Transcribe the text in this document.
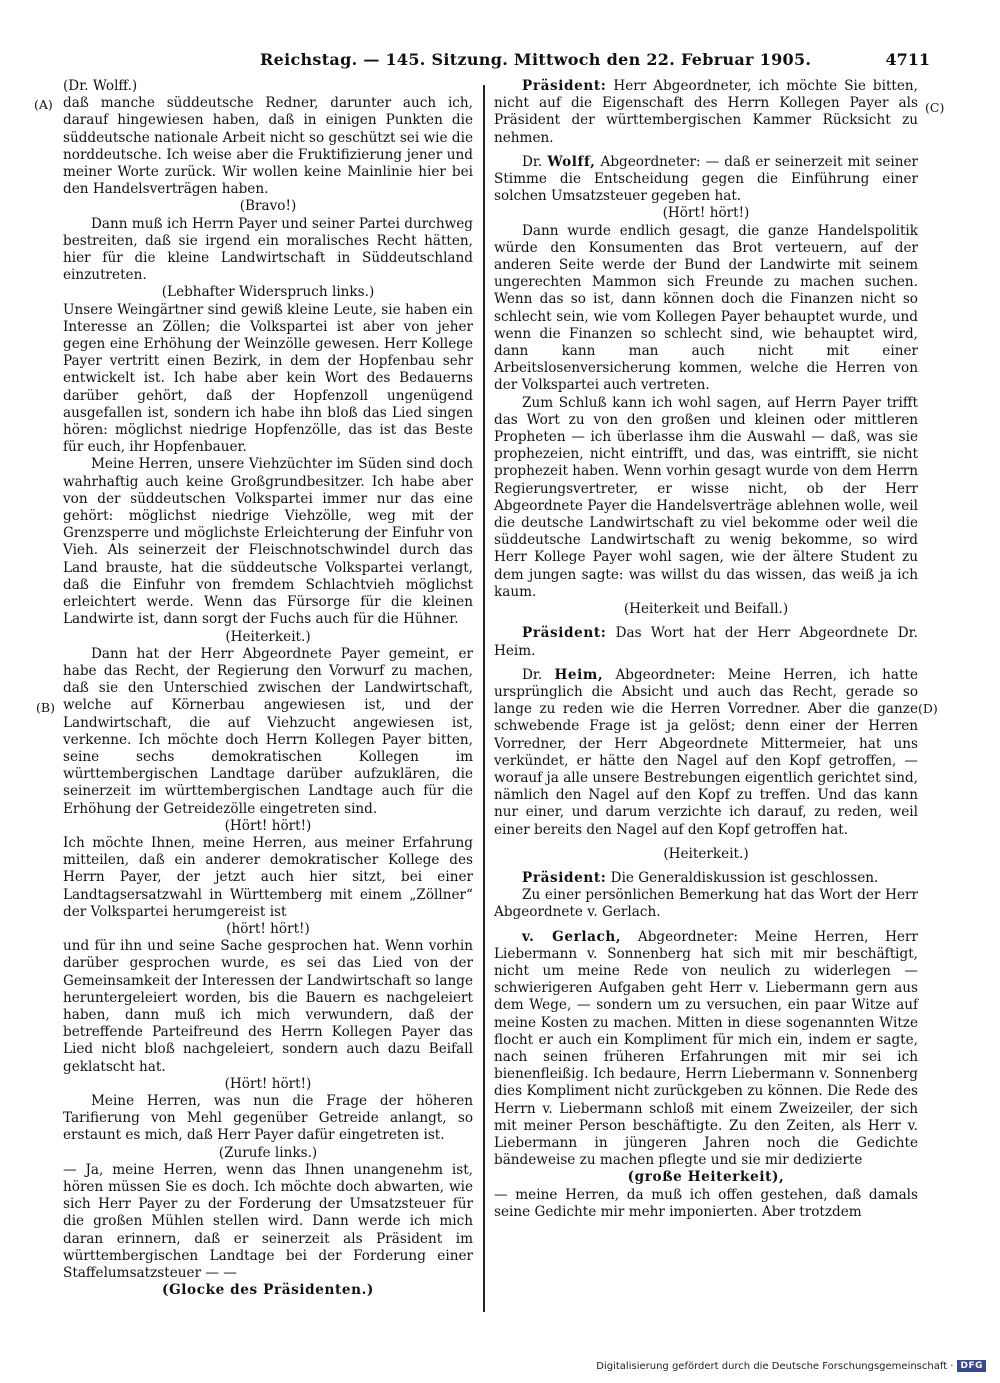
Reichstag. — 145. Sitzung. Mittwoch den 22. Februar 1905.	4711
(A)
(B)
(C)
(D)

(Dr. Wolff.)

daß manche süddeutsche Redner, darunter auch ich, darauf hingewiesen haben, daß in einigen Punkten die süddeutsche nationale Arbeit nicht so geschützt sei wie die norddeutsche. Ich weise aber die Fruktifizierung jener und meiner Worte zurück. Wir wollen keine Mainlinie hier bei den Handelsverträgen haben.

(Bravo!)

Dann muß ich Herrn Payer und seiner Partei durchweg bestreiten, daß sie irgend ein moralisches Recht hätten, hier für die kleine Landwirtschaft in Süddeutschland einzutreten.

(Lebhafter Widerspruch links.)

Unsere Weingärtner sind gewiß kleine Leute, sie haben ein Interesse an Zöllen; die Volkspartei ist aber von jeher gegen eine Erhöhung der Weinzölle gewesen. Herr Kollege Payer vertritt einen Bezirk, in dem der Hopfenbau sehr entwickelt ist. Ich habe aber kein Wort des Bedauerns darüber gehört, daß der Hopfenzoll ungenügend ausgefallen ist, sondern ich habe ihn bloß das Lied singen hören: möglichst niedrige Hopfenzölle, das ist das Beste für euch, ihr Hopfenbauer.

Meine Herren, unsere Viehzüchter im Süden sind doch wahrhaftig auch keine Großgrundbesitzer. Ich habe aber von der süddeutschen Volkspartei immer nur das eine gehört: möglichst niedrige Viehzölle, weg mit der Grenzsperre und möglichste Erleichterung der Einfuhr von Vieh. Als seinerzeit der Fleischnotschwindel durch das Land brauste, hat die süddeutsche Volkspartei verlangt, daß die Einfuhr von fremdem Schlachtvieh möglichst erleichtert werde. Wenn das Fürsorge für die kleinen Landwirte ist, dann sorgt der Fuchs auch für die Hühner.

(Heiterkeit.)

Dann hat der Herr Abgeordnete Payer gemeint, er habe das Recht, der Regierung den Vorwurf zu machen, daß sie den Unterschied zwischen der Landwirtschaft, welche auf Körnerbau angewiesen ist, und der Landwirtschaft, die auf Viehzucht angewiesen ist, verkenne. Ich möchte doch Herrn Kollegen Payer bitten, seine sechs demokratischen Kollegen im württembergischen Landtage darüber aufzuklären, die seinerzeit im württembergischen Landtage auch für die Erhöhung der Getreidezölle eingetreten sind.

(Hört! hört!)

Ich möchte Ihnen, meine Herren, aus meiner Erfahrung mitteilen, daß ein anderer demokratischer Kollege des Herrn Payer, der jetzt auch hier sitzt, bei einer Landtagsersatzwahl in Württemberg mit einem „Zöllner“ der Volkspartei herumgereist ist

(hört! hört!)

und für ihn und seine Sache gesprochen hat. Wenn vorhin darüber gesprochen wurde, es sei das Lied von der Gemeinsamkeit der Interessen der Landwirtschaft so lange heruntergeleiert worden, bis die Bauern es nachgeleiert haben, dann muß ich mich verwundern, daß der betreffende Parteifreund des Herrn Kollegen Payer das Lied nicht bloß nachgeleiert, sondern auch dazu Beifall geklatscht hat.

(Hört! hört!)

Meine Herren, was nun die Frage der höheren Tarifierung von Mehl gegenüber Getreide anlangt, so erstaunt es mich, daß Herr Payer dafür eingetreten ist.

(Zurufe links.)

— Ja, meine Herren, wenn das Ihnen unangenehm ist, hören müssen Sie es doch. Ich möchte doch abwarten, wie sich Herr Payer zu der Forderung der Umsatzsteuer für die großen Mühlen stellen wird. Dann werde ich mich daran erinnern, daß er seinerzeit als Präsident im württembergischen Landtage bei der Forderung einer Staffelumsatzsteuer — —

(Glocke des Präsidenten.)

Präsident: Herr Abgeordneter, ich möchte Sie bitten, nicht auf die Eigenschaft des Herrn Kollegen Payer als Präsident der württembergischen Kammer Rücksicht zu nehmen.

Dr. Wolff, Abgeordneter: — daß er seinerzeit mit seiner Stimme die Entscheidung gegen die Einführung einer solchen Umsatzsteuer gegeben hat.

(Hört! hört!)

Dann wurde endlich gesagt, die ganze Handelspolitik würde den Konsumenten das Brot verteuern, auf der anderen Seite werde der Bund der Landwirte mit seinem ungerechten Mammon sich Freunde zu machen suchen. Wenn das so ist, dann können doch die Finanzen nicht so schlecht sein, wie vom Kollegen Payer behauptet wurde, und wenn die Finanzen so schlecht sind, wie behauptet wird, dann kann man auch nicht mit einer Arbeitslosenversicherung kommen, welche die Herren von der Volkspartei auch vertreten.

Zum Schluß kann ich wohl sagen, auf Herrn Payer trifft das Wort zu von den großen und kleinen oder mittleren Propheten — ich überlasse ihm die Auswahl — daß, was sie prophezeien, nicht eintrifft, und das, was eintrifft, sie nicht prophezeit haben. Wenn vorhin gesagt wurde von dem Herrn Regierungsvertreter, er wisse nicht, ob der Herr Abgeordnete Payer die Handelsverträge ablehnen wolle, weil die deutsche Landwirtschaft zu viel bekomme oder weil die süddeutsche Landwirtschaft zu wenig bekomme, so wird Herr Kollege Payer wohl sagen, wie der ältere Student zu dem jungen sagte: was willst du das wissen, das weiß ja ich kaum.

(Heiterkeit und Beifall.)

Präsident: Das Wort hat der Herr Abgeordnete Dr. Heim.

Dr. Heim, Abgeordneter: Meine Herren, ich hatte ursprünglich die Absicht und auch das Recht, gerade so lange zu reden wie die Herren Vorredner. Aber die ganze schwebende Frage ist ja gelöst; denn einer der Herren Vorredner, der Herr Abgeordnete Mittermeier, hat uns verkündet, er hätte den Nagel auf den Kopf getroffen, — worauf ja alle unsere Bestrebungen eigentlich gerichtet sind, nämlich den Nagel auf den Kopf zu treffen. Und das kann nur einer, und darum verzichte ich darauf, zu reden, weil einer bereits den Nagel auf den Kopf getroffen hat.

(Heiterkeit.)

Präsident: Die Generaldiskussion ist geschlossen.

Zu einer persönlichen Bemerkung hat das Wort der Herr Abgeordnete v. Gerlach.

v. Gerlach, Abgeordneter: Meine Herren, Herr Liebermann v. Sonnenberg hat sich mit mir beschäftigt, nicht um meine Rede von neulich zu widerlegen — schwierigeren Aufgaben geht Herr v. Liebermann gern aus dem Wege, — sondern um zu versuchen, ein paar Witze auf meine Kosten zu machen. Mitten in diese sogenannten Witze flocht er auch ein Kompliment für mich ein, indem er sagte, nach seinen früheren Erfahrungen mit mir sei ich bienenfleißig. Ich bedaure, Herrn Liebermann v. Sonnenberg dies Kompliment nicht zurückgeben zu können. Die Rede des Herrn v. Liebermann schloß mit einem Zweizeiler, der sich mit meiner Person beschäftigte. Zu den Zeiten, als Herr v. Liebermann in jüngeren Jahren noch die Gedichte bändeweise zu machen pflegte und sie mir dedizierte

(große Heiterkeit),

— meine Herren, da muß ich offen gestehen, daß damals seine Gedichte mir mehr imponierten. Aber trotzdem

Digitalisierung gefördert durch die Deutsche Forschungsgemeinschaft · DFG
